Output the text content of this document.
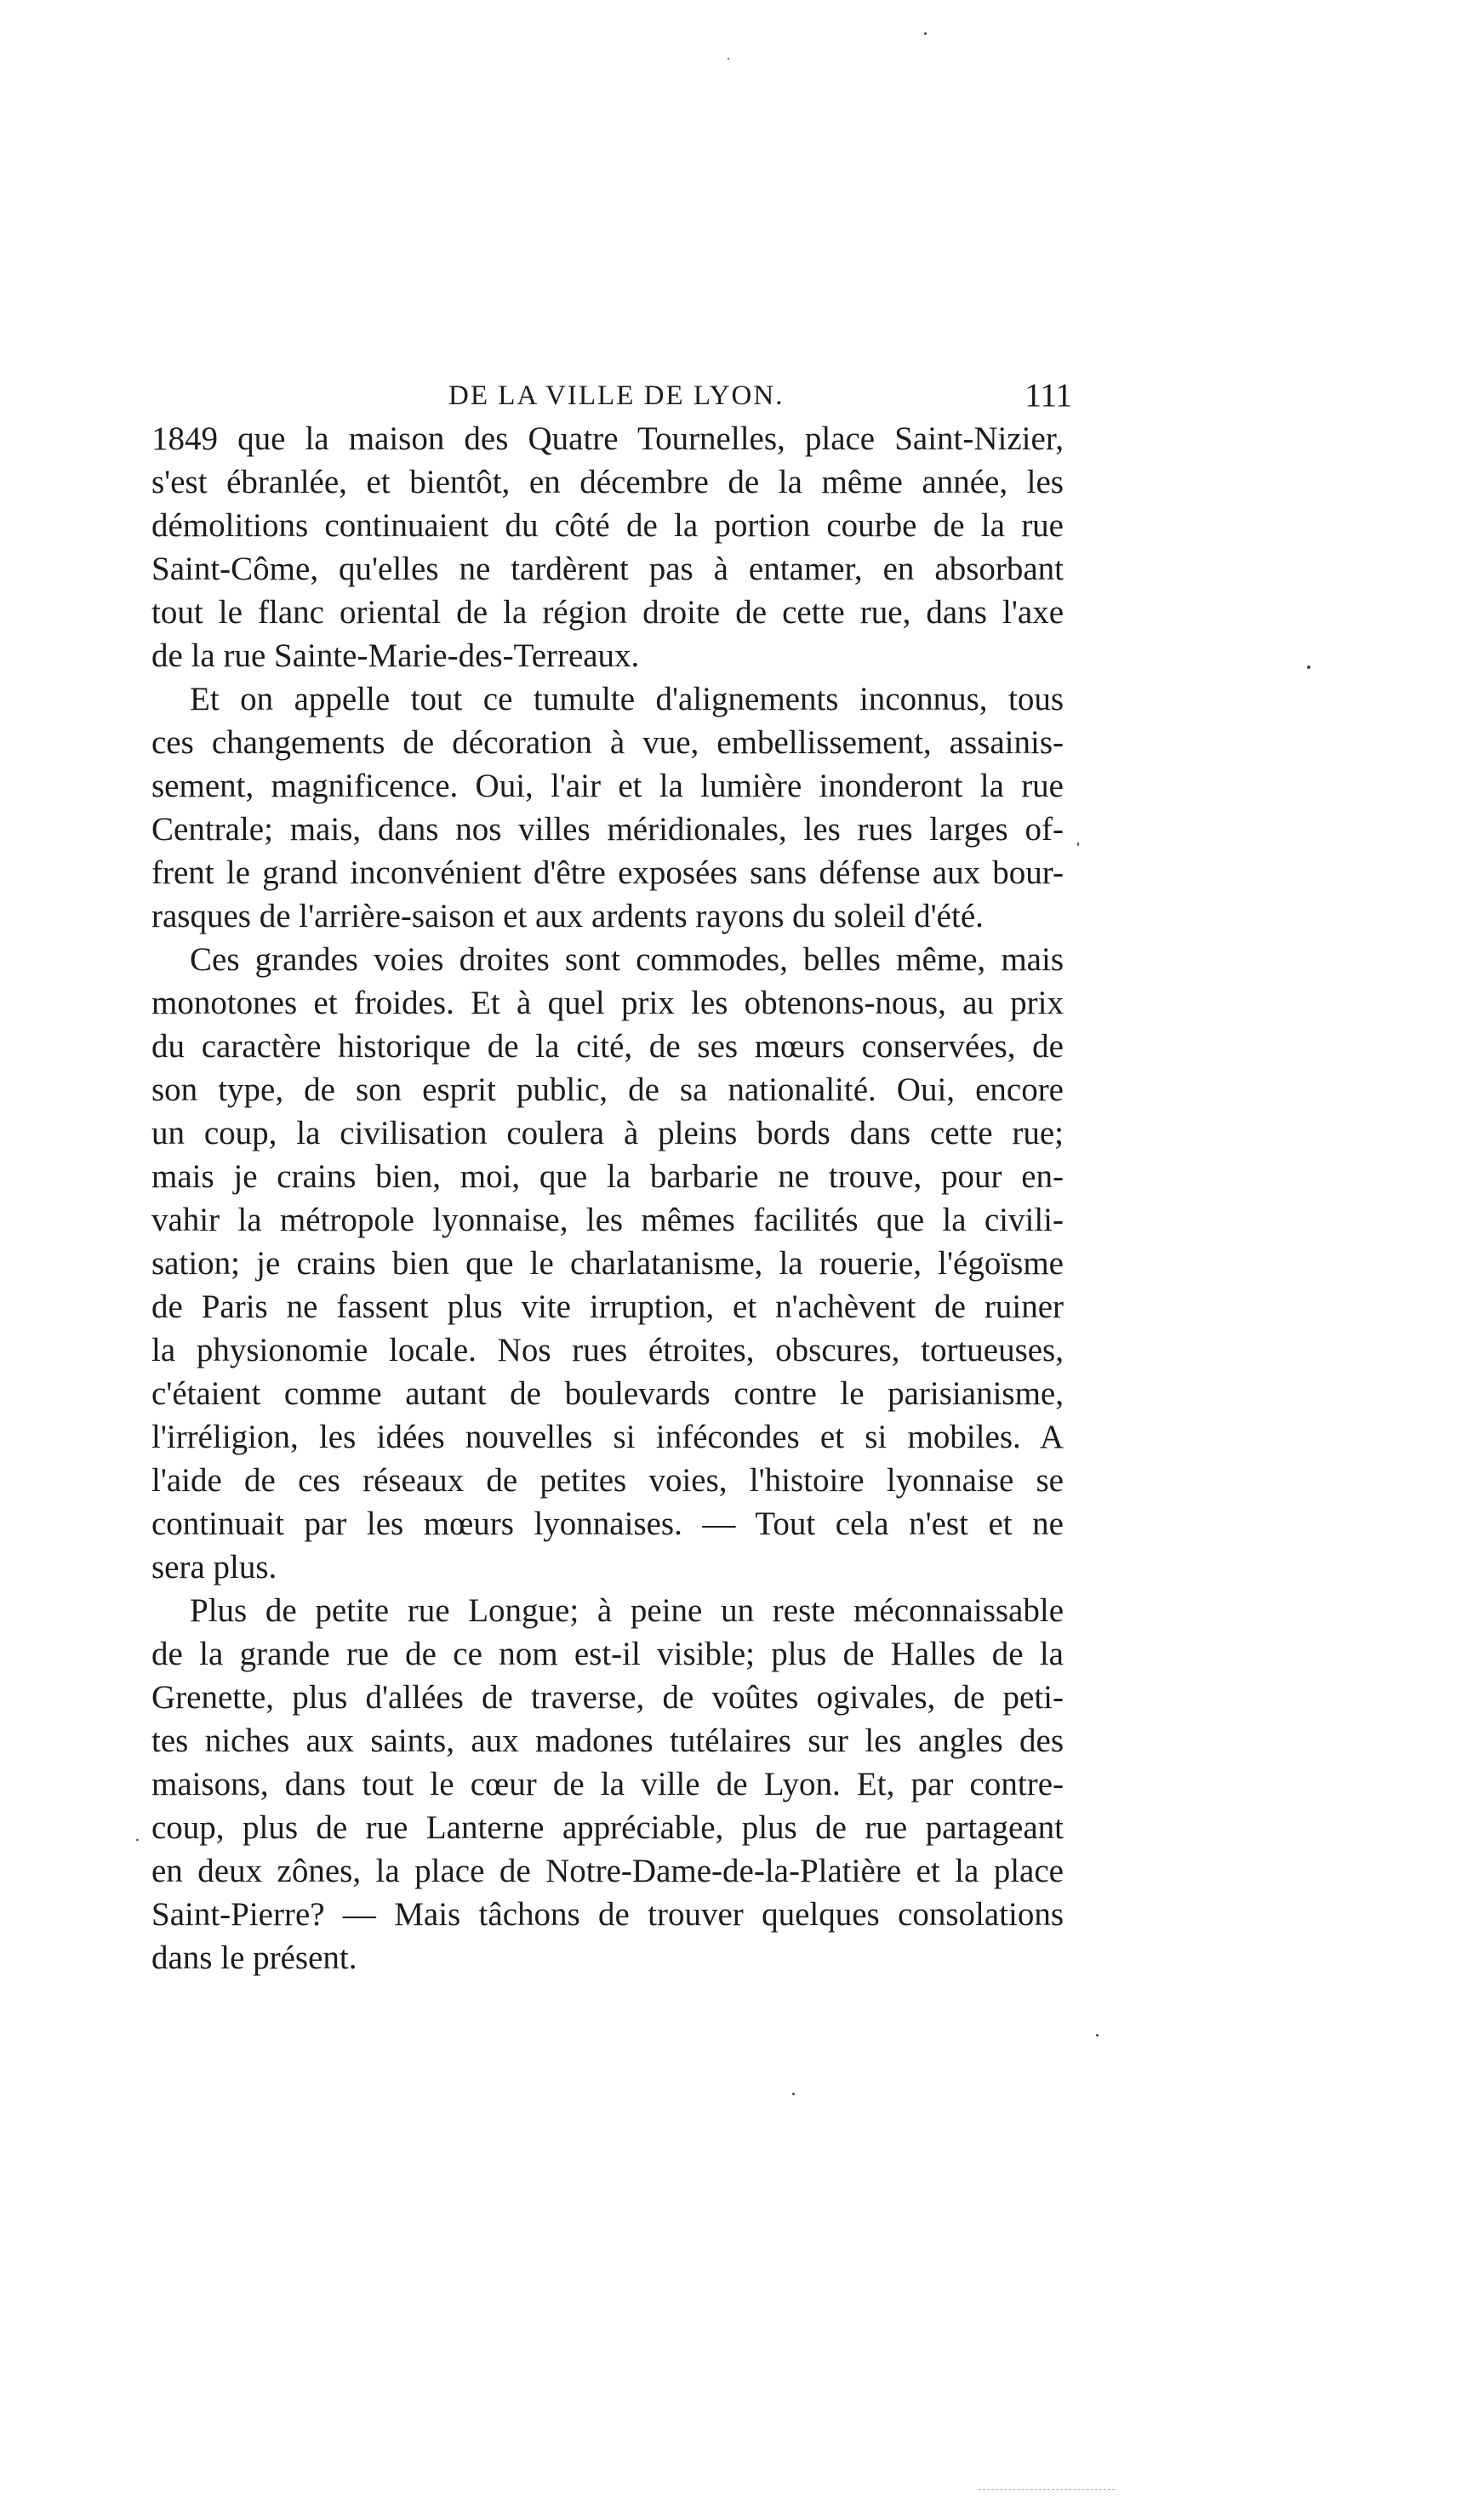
DE LA VILLE DE LYON.	111
1849 que la maison des Quatre Tournelles, place Saint-Nizier,
s'est ébranlée, et bientôt, en décembre de la même année, les
démolitions continuaient du côté de la portion courbe de la rue
Saint-Côme, qu'elles ne tardèrent pas à entamer, en absorbant
tout le flanc oriental de la région droite de cette rue, dans l'axe
de la rue Sainte-Marie-des-Terreaux.
Et on appelle tout ce tumulte d'alignements inconnus, tous
ces changements de décoration à vue, embellissement, assainis-
sement, magnificence. Oui, l'air et la lumière inonderont la rue
Centrale; mais, dans nos villes méridionales, les rues larges of-
frent le grand inconvénient d'être exposées sans défense aux bour-
rasques de l'arrière-saison et aux ardents rayons du soleil d'été.
Ces grandes voies droites sont commodes, belles même, mais
monotones et froides. Et à quel prix les obtenons-nous, au prix
du caractère historique de la cité, de ses mœurs conservées, de
son type, de son esprit public, de sa nationalité. Oui, encore
un coup, la civilisation coulera à pleins bords dans cette rue;
mais je crains bien, moi, que la barbarie ne trouve, pour en-
vahir la métropole lyonnaise, les mêmes facilités que la civili-
sation; je crains bien que le charlatanisme, la rouerie, l'égoïsme
de Paris ne fassent plus vite irruption, et n'achèvent de ruiner
la physionomie locale. Nos rues étroites, obscures, tortueuses,
c'étaient comme autant de boulevards contre le parisianisme,
l'irréligion, les idées nouvelles si infécondes et si mobiles. A
l'aide de ces réseaux de petites voies, l'histoire lyonnaise se
continuait par les mœurs lyonnaises. — Tout cela n'est et ne
sera plus.
Plus de petite rue Longue; à peine un reste méconnaissable
de la grande rue de ce nom est-il visible; plus de Halles de la
Grenette, plus d'allées de traverse, de voûtes ogivales, de peti-
tes niches aux saints, aux madones tutélaires sur les angles des
maisons, dans tout le cœur de la ville de Lyon. Et, par contre-
coup, plus de rue Lanterne appréciable, plus de rue partageant
en deux zônes, la place de Notre-Dame-de-la-Platière et la place
Saint-Pierre? — Mais tâchons de trouver quelques consolations
dans le présent.
